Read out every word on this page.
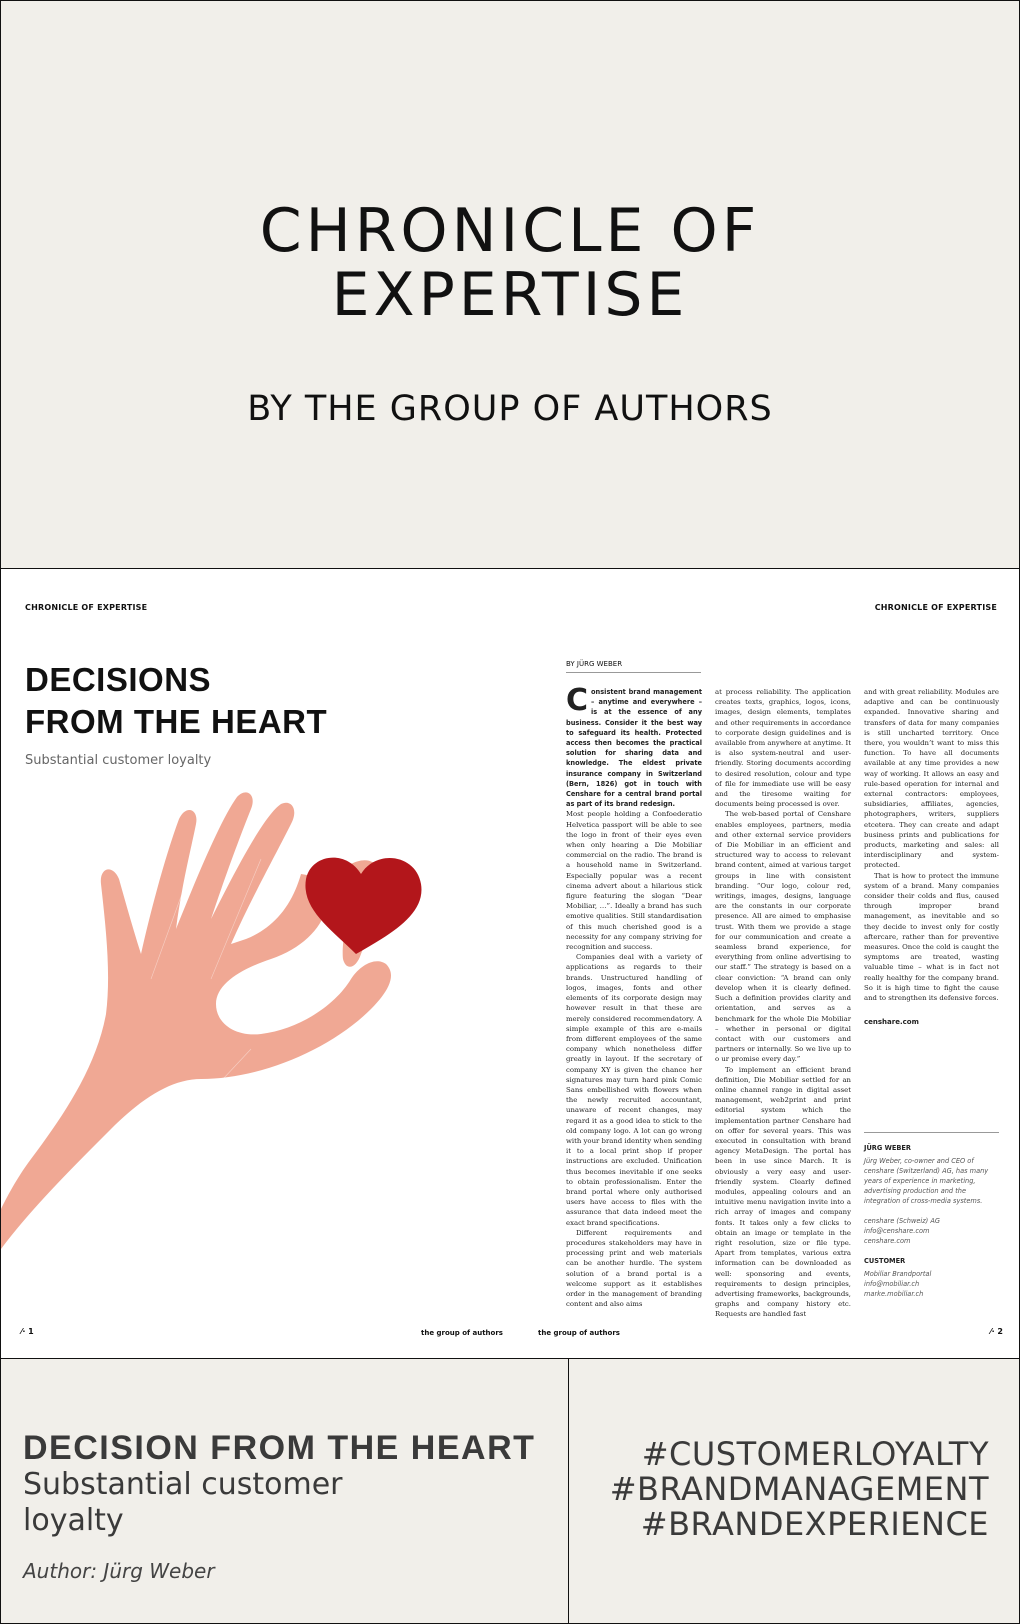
CHRONICLE OF
EXPERTISE
BY THE GROUP OF AUTHORS
CHRONICLE OF EXPERTISE	CHRONICLE OF EXPERTISE
DECISIONS
FROM THE HEART
Substantial customer loyalty
BY JÜRG WEBER

Consistent brand management – anytime and everywhere – is at the essence of any business. Consider it the best way to safeguard its health. Protected access then becomes the practical solution for sharing data and knowledge. The eldest private insurance company in Switzerland (Bern, 1826) got in touch with Censhare for a central brand portal as part of its brand redesign.

Most people holding a Confoederatio Helvetica passport will be able to see the logo in front of their eyes even when only hearing a Die Mobiliar commercial on the radio. The brand is a household name in Switzerland. Especially popular was a recent cinema advert about a hilarious stick figure featuring the slogan “Dear Mobiliar, …”. Ideally a brand has such emotive qualities. Still standardisation of this much cherished good is a necessity for any company striving for recognition and success.

Companies deal with a variety of applications as regards to their brands. Unstructured handling of logos, images, fonts and other elements of its corporate design may however result in that these are merely considered recommendatory. A simple example of this are e-mails from different employees of the same company which nonetheless differ greatly in layout. If the secretary of company XY is given the chance her signatures may turn hard pink Comic Sans embellished with flowers when the newly recruited accountant, unaware of recent changes, may regard it as a good idea to stick to the old company logo. A lot can go wrong with your brand identity when sending it to a local print shop if proper instructions are excluded. Unification thus becomes inevitable if one seeks to obtain professionalism. Enter the brand portal where only authorised users have access to files with the assurance that data indeed meet the exact brand specifications.

Different requirements and procedures stakeholders may have in processing print and web materials can be another hurdle. The system solution of a brand portal is a welcome support as it establishes order in the management of branding content and also aims

at process reliability. The application creates texts, graphics, logos, icons, images, design elements, templates and other requirements in accordance to corporate design guidelines and is available from anywhere at anytime. It is also system-neutral and user-friendly. Storing documents according to desired resolution, colour and type of file for immediate use will be easy and the tiresome waiting for documents being processed is over.

The web-based portal of Censhare enables employees, partners, media and other external service providers of Die Mobiliar in an efficient and structured way to access to relevant brand content, aimed at various target groups in line with consistent branding. “Our logo, colour red, writings, images, designs, language are the constants in our corporate presence. All are aimed to emphasise trust. With them we provide a stage for our communication and create a seamless brand experience, for everything from online advertising to our staff.” The strategy is based on a clear conviction: “A brand can only develop when it is clearly defined. Such a definition provides clarity and orientation, and serves as a benchmark for the whole Die Mobiliar – whether in personal or digital contact with our customers and partners or internally. So we live up to o ur promise every day.”

To implement an efficient brand definition, Die Mobiliar settled for an online channel range in digital asset management, web2print and print editorial system which the implementation partner Censhare had on offer for several years. This was executed in consultation with brand agency MetaDesign. The portal has been in use since March. It is obviously a very easy and user-friendly system. Clearly defined modules, appealing colours and an intuitive menu navigation invite into a rich array of images and company fonts. It takes only a few clicks to obtain an image or template in the right resolution, size or file type. Apart from templates, various extra information can be downloaded as well: sponsoring and events, requirements to design principles, advertising frameworks, backgrounds, graphs and company history etc. Requests are handled fast

and with great reliability. Modules are adaptive and can be continuously expanded. Innovative sharing and transfers of data for many companies is still uncharted territory. Once there, you wouldn’t want to miss this function. To have all documents available at any time provides a new way of working. It allows an easy and rule-based operation for internal and external contractors: employees, subsidiaries, affiliates, agencies, photographers, writers, suppliers etcetera. They can create and adapt business prints and publications for products, marketing and sales: all interdisciplinary and system-protected.

That is how to protect the immune system of a brand. Many companies consider their colds and flus, caused through improper brand management, as inevitable and so they decide to invest only for costly aftercare, rather than for preventive measures. Once the cold is caught the symptoms are treated, wasting valuable time – what is in fact not really healthy for the company brand. So it is high time to fight the cause and to strengthen its defensive forces.

censhare.com

JÜRG WEBER
Jürg Weber, co-owner and CEO of censhare (Switzerland) AG, has many years of experience in marketing, advertising production and the integration of cross-media systems.
censhare (Schweiz) AG
info@censhare.com
censhare.com
CUSTOMER
Mobiliar Brandportal
info@mobiliar.ch
marke.mobiliar.ch
⁄· 1	the group of authors	the group of authors	⁄· 2
DECISION FROM THE HEART
Substantial customer loyalty
Author: Jürg Weber
#CUSTOMERLOYALTY
#BRANDMANAGEMENT
#BRANDEXPERIENCE
